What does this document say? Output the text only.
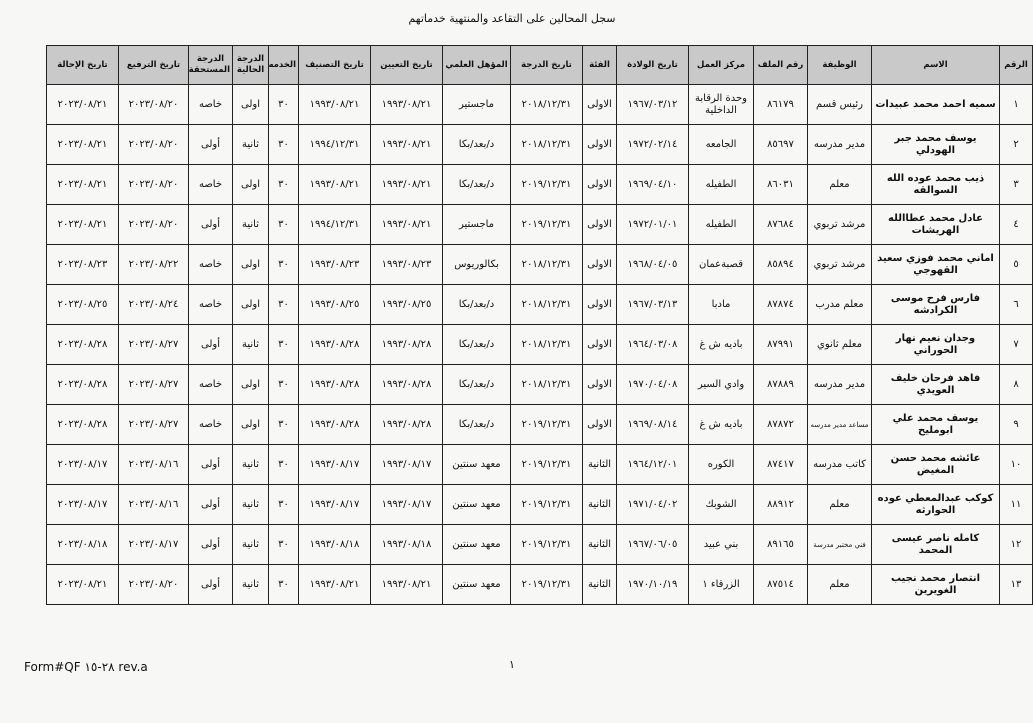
سجل المحالين على التقاعد والمنتهية خدماتهم
الرقم	الاسم	الوظيفة	رقم الملف	مركز العمل	تاريخ الولادة	الفئة	تاريخ الدرجة	المؤهل العلمي	تاريخ التعيين	تاريخ التصنيف	الخدمه	الدرجة الحالية	الدرجة المستحقة	تاريخ الترفيع	تاريخ الإحالة
١	سميه احمد محمد عبيدات	رئيس قسم	٨٦١٧٩	وحدة الرقابة الداخلية	١٩٦٧/٠٣/١٢	الاولى	٢٠١٨/١٢/٣١	ماجستير	١٩٩٣/٠٨/٢١	١٩٩٣/٠٨/٢١	٣٠	اولى	خاصه	٢٠٢٣/٠٨/٢٠	٢٠٢٣/٠٨/٢١
٢	يوسف محمد جبر الهودلي	مدير مدرسه	٨٥٦٩٧	الجامعه	١٩٧٢/٠٢/١٤	الاولى	٢٠١٨/١٢/٣١	د/بعد/بكا	١٩٩٣/٠٨/٢١	١٩٩٤/١٢/٣١	٣٠	ثانية	أولى	٢٠٢٣/٠٨/٢٠	٢٠٢٣/٠٨/٢١
٣	ذيب محمد عوده الله السوالقه	معلم	٨٦٠٣١	الطفيله	١٩٦٩/٠٤/١٠	الاولى	٢٠١٩/١٢/٣١	د/بعد/بكا	١٩٩٣/٠٨/٢١	١٩٩٣/٠٨/٢١	٣٠	اولى	خاصه	٢٠٢٣/٠٨/٢٠	٢٠٢٣/٠٨/٢١
٤	عادل محمد عطاالله الهريشات	مرشد تربوي	٨٧٦٨٤	الطفيله	١٩٧٢/٠١/٠١	الاولى	٢٠١٩/١٢/٣١	ماجستير	١٩٩٣/٠٨/٢١	١٩٩٤/١٢/٣١	٣٠	ثانية	أولى	٢٠٢٣/٠٨/٢٠	٢٠٢٣/٠٨/٢١
٥	اماني محمد فوزي سعيد القهوجي	مرشد تربوي	٨٥٨٩٤	قصبةعمان	١٩٦٨/٠٤/٠٥	الاولى	٢٠١٨/١٢/٣١	بكالوريوس	١٩٩٣/٠٨/٢٣	١٩٩٣/٠٨/٢٣	٣٠	اولى	خاصه	٢٠٢٣/٠٨/٢٢	٢٠٢٣/٠٨/٢٣
٦	فارس فرح موسى الكرادشه	معلم مدرب	٨٧٨٧٤	مادبا	١٩٦٧/٠٣/١٣	الاولى	٢٠١٨/١٢/٣١	د/بعد/بكا	١٩٩٣/٠٨/٢٥	١٩٩٣/٠٨/٢٥	٣٠	اولى	خاصه	٢٠٢٣/٠٨/٢٤	٢٠٢٣/٠٨/٢٥
٧	وجدان نعيم نهار الحوراني	معلم ثانوي	٨٧٩٩١	باديه ش غ	١٩٦٤/٠٣/٠٨	الاولى	٢٠١٨/١٢/٣١	د/بعد/بكا	١٩٩٣/٠٨/٢٨	١٩٩٣/٠٨/٢٨	٣٠	ثانية	أولى	٢٠٢٣/٠٨/٢٧	٢٠٢٣/٠٨/٢٨
٨	فاهد فرحان خليف العويدي	مدير مدرسه	٨٧٨٨٩	وادي السير	١٩٧٠/٠٤/٠٨	الاولى	٢٠١٨/١٢/٣١	د/بعد/بكا	١٩٩٣/٠٨/٢٨	١٩٩٣/٠٨/٢٨	٣٠	اولى	خاصه	٢٠٢٣/٠٨/٢٧	٢٠٢٣/٠٨/٢٨
٩	يوسف محمد علي ابومليح	مساعد مدير مدرسه	٨٧٨٧٢	باديه ش غ	١٩٦٩/٠٨/١٤	الاولى	٢٠١٩/١٢/٣١	د/بعد/بكا	١٩٩٣/٠٨/٢٨	١٩٩٣/٠٨/٢٨	٣٠	اولى	خاصه	٢٠٢٣/٠٨/٢٧	٢٠٢٣/٠٨/٢٨
١٠	عائشه محمد حسن المغيض	كاتب مدرسه	٨٧٤١٧	الكوره	١٩٦٤/١٢/٠١	الثانية	٢٠١٩/١٢/٣١	معهد سنتين	١٩٩٣/٠٨/١٧	١٩٩٣/٠٨/١٧	٣٠	ثانية	أولى	٢٠٢٣/٠٨/١٦	٢٠٢٣/٠٨/١٧
١١	كوكب عبدالمعطي عوده الحوارثه	معلم	٨٨٩١٢	الشوبك	١٩٧١/٠٤/٠٢	الثانية	٢٠١٩/١٢/٣١	معهد سنتين	١٩٩٣/٠٨/١٧	١٩٩٣/٠٨/١٧	٣٠	ثانية	أولى	٢٠٢٣/٠٨/١٦	٢٠٢٣/٠٨/١٧
١٢	كامله ناصر عيسى المحمد	فني مختبر مدرسة	٨٩١٦٥	بني عبيد	١٩٦٧/٠٦/٠٥	الثانية	٢٠١٩/١٢/٣١	معهد سنتين	١٩٩٣/٠٨/١٨	١٩٩٣/٠٨/١٨	٣٠	ثانية	أولى	٢٠٢٣/٠٨/١٧	٢٠٢٣/٠٨/١٨
١٣	انتصار محمد نجيب الغويرين	معلم	٨٧٥١٤	الزرقاء ١	١٩٧٠/١٠/١٩	الثانية	٢٠١٩/١٢/٣١	معهد سنتين	١٩٩٣/٠٨/٢١	١٩٩٣/٠٨/٢١	٣٠	ثانية	أولى	٢٠٢٣/٠٨/٢٠	٢٠٢٣/٠٨/٢١
Form#QF ٢٨-١٥ rev.a	١
